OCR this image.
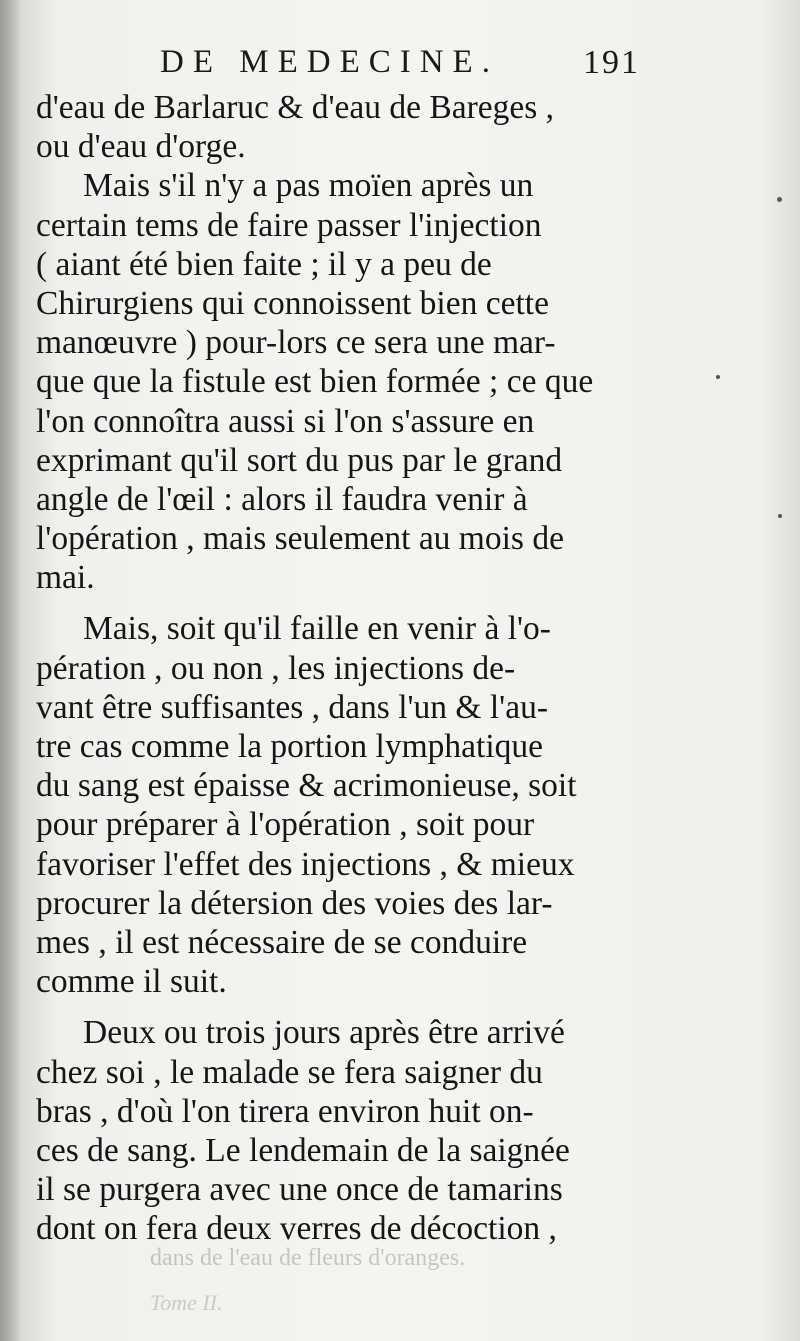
DE MEDECINE. 191
d'eau de Barlaruc & d'eau de Bareges ,
ou d'eau d'orge.
Mais s'il n'y a pas moïen après un
certain tems de faire passer l'injection
( aiant été bien faite ; il y a peu de
Chirurgiens qui connoissent bien cette
manœuvre ) pour-lors ce sera une mar-
que que la fistule est bien formée ; ce que
l'on connoîtra aussi si l'on s'assure en
exprimant qu'il sort du pus par le grand
angle de l'œil : alors il faudra venir à
l'opération , mais seulement au mois de
mai.
Mais, soit qu'il faille en venir à l'o-
pération , ou non , les injections de-
vant être suffisantes , dans l'un & l'au-
tre cas comme la portion lymphatique
du sang est épaisse & acrimonieuse, soit
pour préparer à l'opération , soit pour
favoriser l'effet des injections , & mieux
procurer la détersion des voies des lar-
mes , il est nécessaire de se conduire
comme il suit.
Deux ou trois jours après être arrivé
chez soi , le malade se fera saigner du
bras , d'où l'on tirera environ huit on-
ces de sang. Le lendemain de la saignée
il se purgera avec une once de tamarins
dont on fera deux verres de décoction ,
dans de l'eau de fleurs d'oranges.
Tome II.
